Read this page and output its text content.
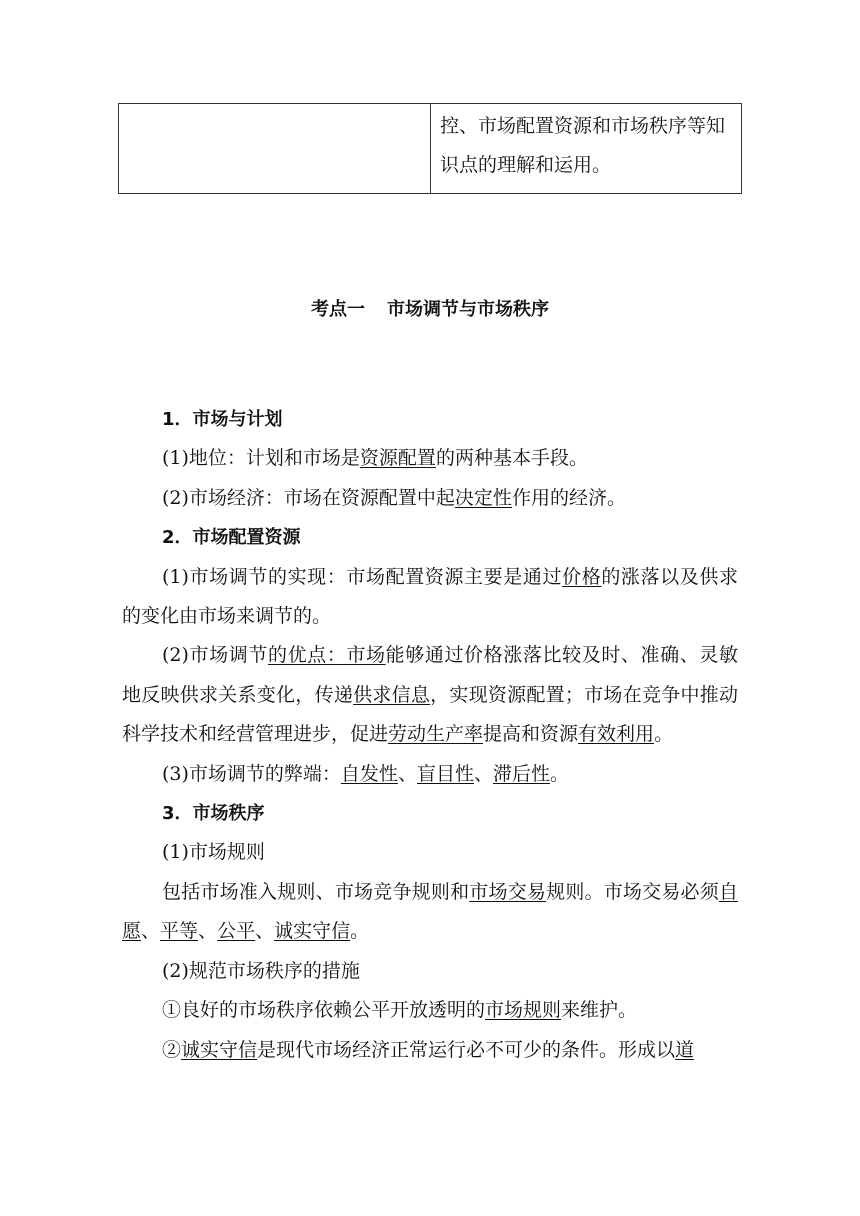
	控、市场配置资源和市场秩序等知
识点的理解和运用。
考点一 市场调节与市场秩序

1．市场与计划

(1)地位：计划和市场是资源配置的两种基本手段。

(2)市场经济：市场在资源配置中起决定性作用的经济。

2．市场配置资源

(1)市场调节的实现：市场配置资源主要是通过价格的涨落以及供求的变化由市场来调节的。

(2)市场调节的优点：市场能够通过价格涨落比较及时、准确、灵敏地反映供求关系变化，传递供求信息，实现资源配置；市场在竞争中推动科学技术和经营管理进步，促进劳动生产率提高和资源有效利用。

(3)市场调节的弊端：自发性、盲目性、滞后性。

3．市场秩序

(1)市场规则

包括市场准入规则、市场竞争规则和市场交易规则。市场交易必须自愿、平等、公平、诚实守信。

(2)规范市场秩序的措施

①良好的市场秩序依赖公平开放透明的市场规则来维护。

②诚实守信是现代市场经济正常运行必不可少的条件。形成以道
